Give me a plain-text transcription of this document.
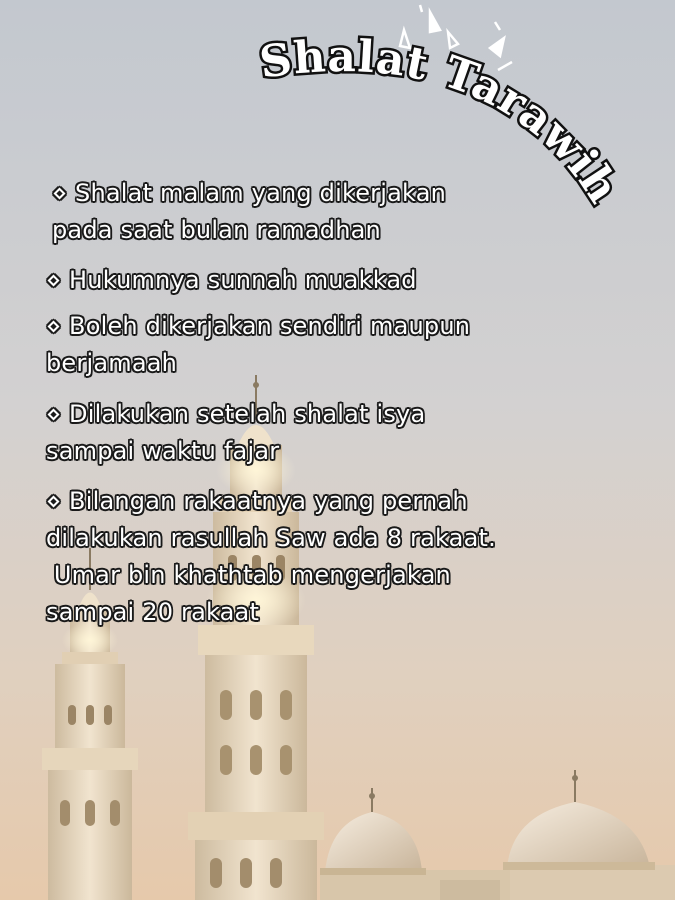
Shalat Tarawih
⋄ Shalat malam yang dikerjakan
pada saat bulan ramadhan
⋄ Hukumnya sunnah muakkad
⋄ Boleh dikerjakan sendiri maupun
berjamaah
⋄ Dilakukan setelah shalat isya
sampai waktu fajar
⋄ Bilangan rakaatnya yang pernah
dilakukan rasullah Saw ada 8 rakaat.
Umar bin khathtab mengerjakan
sampai 20 rakaat
